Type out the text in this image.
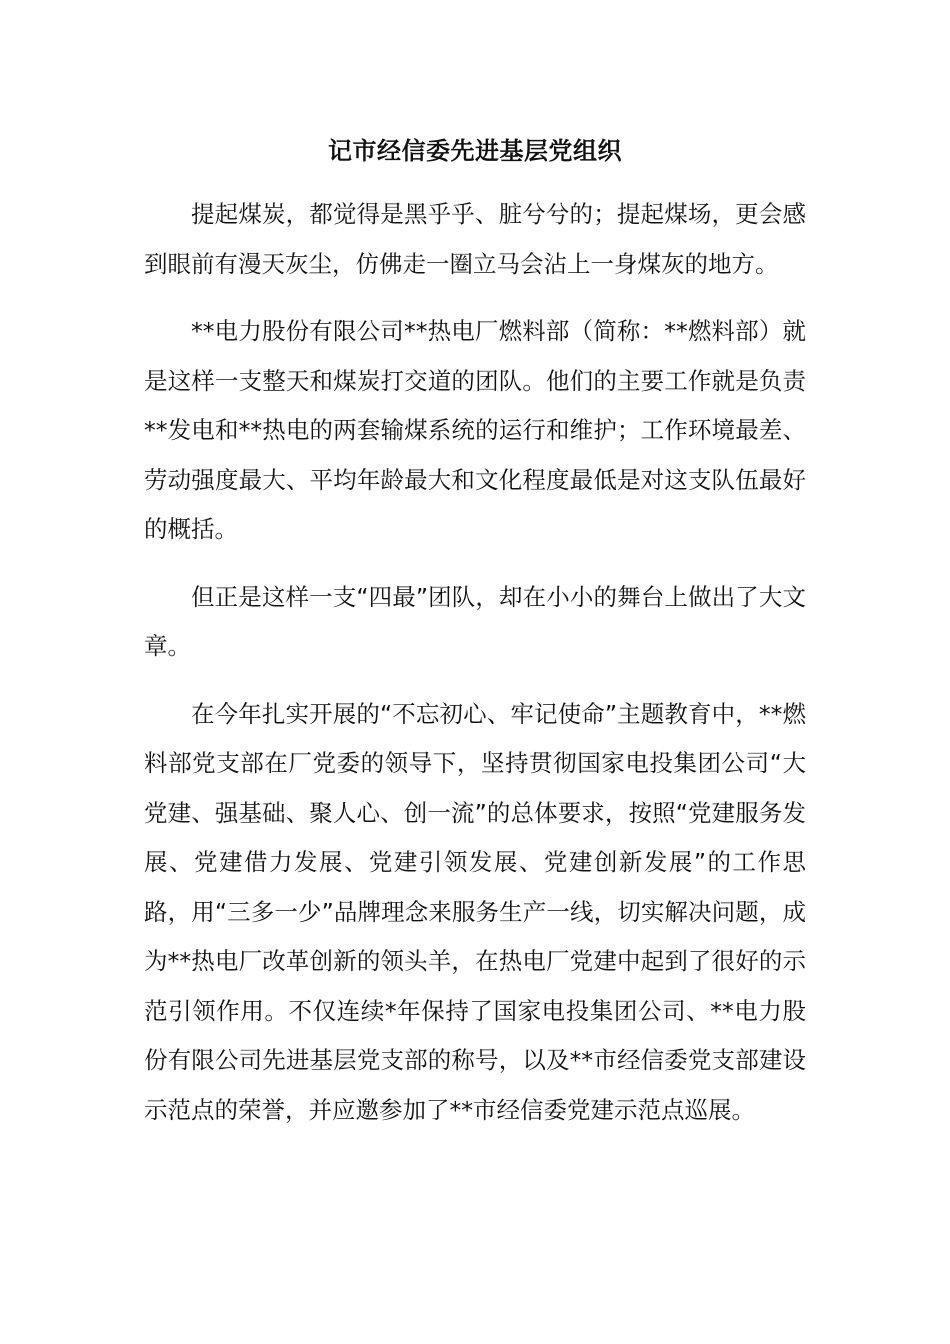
记市经信委先进基层党组织

提起煤炭，都觉得是黑乎乎、脏兮兮的；提起煤场，更会感到眼前有漫天灰尘，仿佛走一圈立马会沾上一身煤灰的地方。

**电力股份有限公司**热电厂燃料部（简称：**燃料部）就是这样一支整天和煤炭打交道的团队。他们的主要工作就是负责**发电和**热电的两套输煤系统的运行和维护；工作环境最差、劳动强度最大、平均年龄最大和文化程度最低是对这支队伍最好的概括。

但正是这样一支“四最”团队，却在小小的舞台上做出了大文章。

在今年扎实开展的“不忘初心、牢记使命”主题教育中，**燃料部党支部在厂党委的领导下，坚持贯彻国家电投集团公司“大党建、强基础、聚人心、创一流”的总体要求，按照“党建服务发展、党建借力发展、党建引领发展、党建创新发展”的工作思路，用“三多一少”品牌理念来服务生产一线，切实解决问题，成为**热电厂改革创新的领头羊，在热电厂党建中起到了很好的示范引领作用。不仅连续*年保持了国家电投集团公司、**电力股份有限公司先进基层党支部的称号，以及**市经信委党支部建设示范点的荣誉，并应邀参加了**市经信委党建示范点巡展。
